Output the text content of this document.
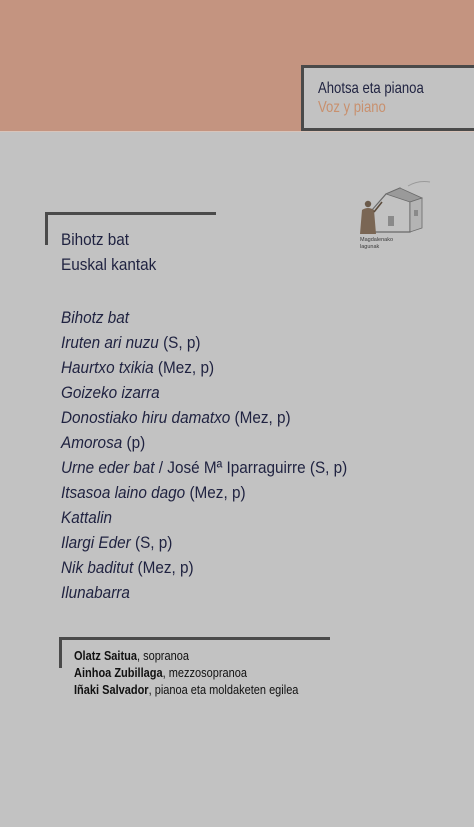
Ahotsa eta pianoa
Voz y piano
Magdalenako
lagunak
Bihotz bat
Euskal kantak
Bihotz bat
Iruten ari nuzu (S, p)
Haurtxo txikia (Mez, p)
Goizeko izarra
Donostiako hiru damatxo (Mez, p)
Amorosa (p)
Urne eder bat / José Mª Iparraguirre (S, p)
Itsasoa laino dago (Mez, p)
Kattalin
Ilargi Eder (S, p)
Nik baditut (Mez, p)
Ilunabarra
Olatz Saitua, sopranoa
Ainhoa Zubillaga, mezzosopranoa
Iñaki Salvador, pianoa eta moldaketen egilea
